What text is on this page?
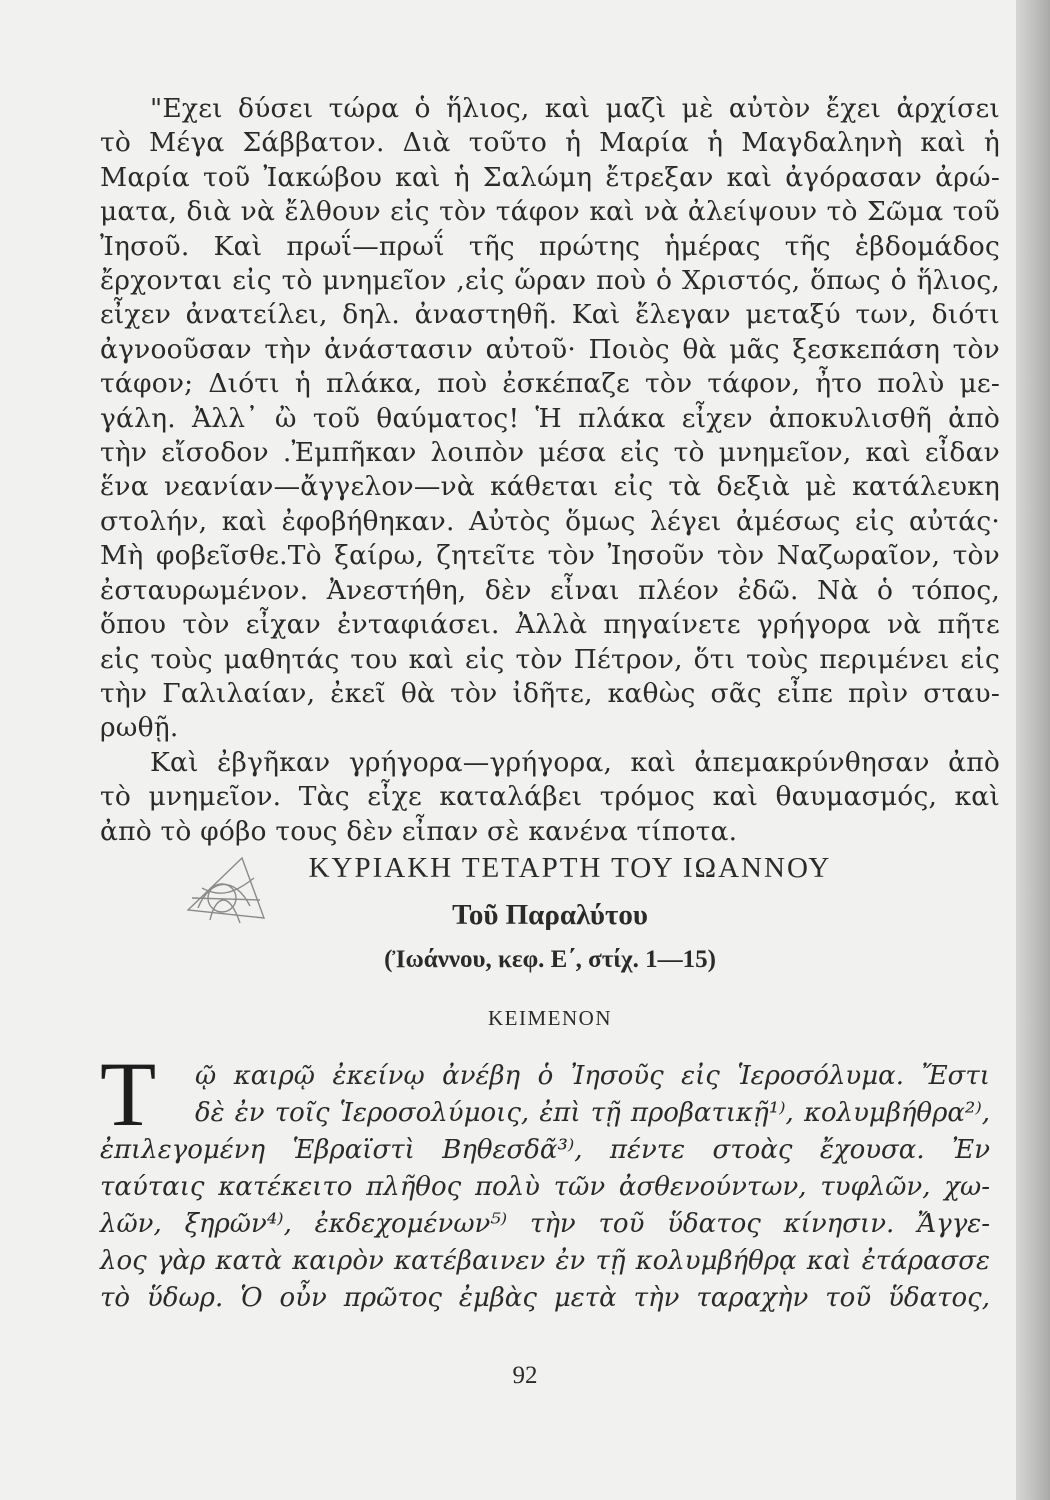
"Εχει δύσει τώρα ὁ ἥλιος, καὶ μαζὶ μὲ αὐτὸν ἔχει ἀρχίσει
τὸ Μέγα Σάββατον. Διὰ τοῦτο ἡ Μαρία ἡ Μαγδαληνὴ καὶ ἡ
Μαρία τοῦ Ἰακώβου καὶ ἡ Σαλώμη ἔτρεξαν καὶ ἀγόρασαν ἀρώ-
ματα, διὰ νὰ ἔλθουν εἰς τὸν τάφον καὶ νὰ ἀλείψουν τὸ Σῶμα τοῦ
Ἰησοῦ. Καὶ πρωΐ—πρωΐ τῆς πρώτης ἡμέρας τῆς ἑβδομάδος
ἔρχονται εἰς τὸ μνημεῖον ,εἰς ὥραν ποὺ ὁ Χριστός, ὅπως ὁ ἥλιος,
εἶχεν ἀνατείλει, δηλ. ἀναστηθῆ. Καὶ ἔλεγαν μεταξύ των, διότι
ἀγνοοῦσαν τὴν ἀνάστασιν αὐτοῦ· Ποιὸς θὰ μᾶς ξεσκεπάση τὸν
τάφον; Διότι ἡ πλάκα, ποὺ ἐσκέπαζε τὸν τάφον, ἦτο πολὺ με-
γάλη. Ἀλλ᾽ ὢ τοῦ θαύματος! Ἡ πλάκα εἶχεν ἀποκυλισθῆ ἀπὸ
τὴν εἴσοδον .Ἐμπῆκαν λοιπὸν μέσα εἰς τὸ μνημεῖον, καὶ εἶδαν
ἕνα νεανίαν—ἄγγελον—νὰ κάθεται εἰς τὰ δεξιὰ μὲ κατάλευκη
στολήν, καὶ ἐφοβήθηκαν. Αὐτὸς ὅμως λέγει ἀμέσως εἰς αὐτάς·
Μὴ φοβεῖσθε.Τὸ ξαίρω, ζητεῖτε τὸν Ἰησοῦν τὸν Ναζωραῖον, τὸν
ἐσταυρωμένον. Ἀνεστήθη, δὲν εἶναι πλέον ἐδῶ. Νὰ ὁ τόπος,
ὅπου τὸν εἶχαν ἐνταφιάσει. Ἀλλὰ πηγαίνετε γρήγορα νὰ πῆτε
εἰς τοὺς μαθητάς του καὶ εἰς τὸν Πέτρον, ὅτι τοὺς περιμένει εἰς
τὴν Γαλιλαίαν, ἐκεῖ θὰ τὸν ἰδῆτε, καθὼς σᾶς εἶπε πρὶν σταυ-
ρωθῇ.

Καὶ ἐβγῆκαν γρήγορα—γρήγορα, καὶ ἀπεμακρύνθησαν ἀπὸ
τὸ μνημεῖον. Τὰς εἶχε καταλάβει τρόμος καὶ θαυμασμός, καὶ
ἀπὸ τὸ φόβο τους δὲν εἶπαν σὲ κανένα τίποτα.

ΚΥΡΙΑΚΗ ΤΕΤΑΡΤΗ ΤΟΥ ΙΩΑΝΝΟΥ
Τοῦ Παραλύτου
(Ἰωάννου, κεφ. Ε΄, στίχ. 1—15)
ΚΕΙΜΕΝΟΝ
Τ	ῷ καιρῷ ἐκείνῳ ἀνέβη ὁ Ἰησοῦς εἰς Ἱεροσόλυμα. Ἔστι
δὲ ἐν τοῖς Ἱεροσολύμοις, ἐπὶ τῇ προβατικῇ¹⁾, κολυμβήθρα²⁾,
ἐπιλεγομένη Ἑβραϊστὶ Βηθεσδᾶ³⁾, πέντε στοὰς ἔχουσα. Ἐν
ταύταις κατέκειτο πλῆθος πολὺ τῶν ἀσθενούντων, τυφλῶν, χω-
λῶν, ξηρῶν⁴⁾, ἐκδεχομένων⁵⁾ τὴν τοῦ ὕδατος κίνησιν. Ἄγγε-
λος γὰρ κατὰ καιρὸν κατέβαινεν ἐν τῇ κολυμβήθρᾳ καὶ ἐτάρασσε
τὸ ὕδωρ. Ὁ οὖν πρῶτος ἐμβὰς μετὰ τὴν ταραχὴν τοῦ ὕδατος,

92
